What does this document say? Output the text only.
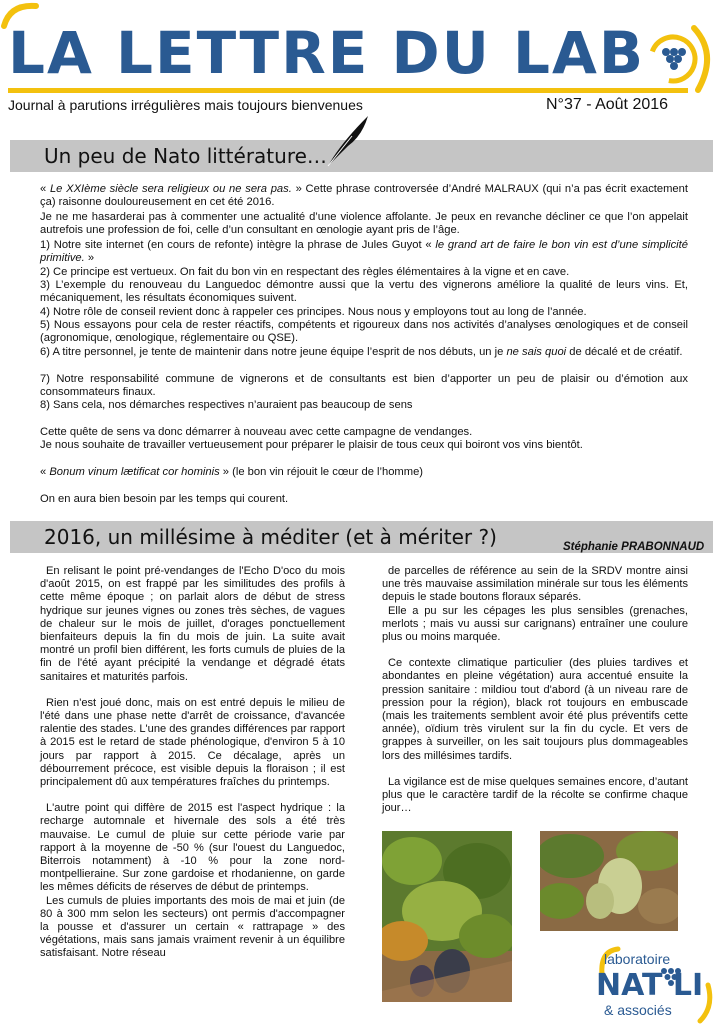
LA LETTRE DU LAB
Journal à parutions irrégulières mais toujours bienvenues	N°37 - Août 2016
Un peu de Nato littérature…

« Le XXIème siècle sera religieux ou ne sera pas. » Cette phrase controversée d’André MALRAUX (qui n’a pas écrit exactement ça) raisonne douloureusement en cet été 2016.

Je ne me hasarderai pas à commenter une actualité d’une violence affolante. Je peux en revanche décliner ce que l’on appelait autrefois une profession de foi, celle d’un consultant en œnologie ayant pris de l’âge.

1) Notre site internet (en cours de refonte) intègre la phrase de Jules Guyot « le grand art de faire le bon vin est d’une simplicité primitive. »

2) Ce principe est vertueux. On fait du bon vin en respectant des règles élémentaires à la vigne et en cave.

3) L’exemple du renouveau du Languedoc démontre aussi que la vertu des vignerons améliore la qualité de leurs vins. Et, mécaniquement, les résultats économiques suivent.

4) Notre rôle de conseil revient donc à rappeler ces principes. Nous nous y employons tout au long de l’année.

5) Nous essayons pour cela de rester réactifs, compétents et rigoureux dans nos activités d’analyses œnologiques et de conseil (agronomique, œnologique, réglementaire ou QSE).

6) A titre personnel, je tente de maintenir dans notre jeune équipe l’esprit de nos débuts, un je ne sais quoi de décalé et de créatif.

7) Notre responsabilité commune de vignerons et de consultants est bien d’apporter un peu de plaisir ou d’émotion aux consommateurs finaux.

8) Sans cela, nos démarches respectives n’auraient pas beaucoup de sens

Cette quête de sens va donc démarrer à nouveau avec cette campagne de vendanges.

Je nous souhaite de travailler vertueusement pour préparer le plaisir de tous ceux qui boiront vos vins bientôt.

« Bonum vinum lætificat cor hominis » (le bon vin réjouit le cœur de l’homme)

On en aura bien besoin par les temps qui courent.

2016, un millésime à méditer (et à mériter ?)	Stéphanie PRABONNAUD

En relisant le point pré-vendanges de l'Echo D'oco du mois d'août 2015, on est frappé par les similitudes des profils à cette même époque ; on parlait alors de début de stress hydrique sur jeunes vignes ou zones très sèches, de vagues de chaleur sur le mois de juillet, d'orages ponctuellement bienfaiteurs depuis la fin du mois de juin. La suite avait montré un profil bien différent, les forts cumuls de pluies de la fin de l'été ayant précipité la vendange et dégradé états sanitaires et maturités parfois.

Rien n'est joué donc, mais on est entré depuis le milieu de l'été dans une phase nette d'arrêt de croissance, d'avancée ralentie des stades. L'une des grandes différences par rapport à 2015 est le retard de stade phénologique, d'environ 5 à 10 jours par rapport à 2015. Ce décalage, après un débourrement précoce, est visible depuis la floraison ; il est principalement dû aux températures fraîches du printemps.

L'autre point qui diffère de 2015 est l'aspect hydrique : la recharge automnale et hivernale des sols a été très mauvaise. Le cumul de pluie sur cette période varie par rapport à la moyenne de -50 % (sur l'ouest du Languedoc, Biterrois notamment) à -10 % pour la zone nord-montpellieraine. Sur zone gardoise et rhodanienne, on garde les mêmes déficits de réserves de début de printemps.

Les cumuls de pluies importants des mois de mai et juin (de 80 à 300 mm selon les secteurs) ont permis d'accompagner la pousse et d'assurer un certain « rattrapage » des végétations, mais sans jamais vraiment revenir à un équilibre satisfaisant. Notre réseau

de parcelles de référence au sein de la SRDV montre ainsi une très mauvaise assimilation minérale sur tous les éléments depuis le stade boutons floraux séparés.

Elle a pu sur les cépages les plus sensibles (grenaches, merlots ; mais vu aussi sur carignans) entraîner une coulure plus ou moins marquée.

Ce contexte climatique particulier (des pluies tardives et abondantes en pleine végétation) aura accentué ensuite la pression sanitaire : mildiou tout d'abord (à un niveau rare de pression pour la région), black rot toujours en embuscade (mais les traitements semblent avoir été plus préventifs cette année), oïdium très virulent sur la fin du cycle. Et vers de grappes à surveiller, on les sait toujours plus dommageables lors des millésimes tardifs.

La vigilance est de mise quelques semaines encore, d’autant plus que le caractère tardif de la récolte se confirme chaque jour…

laboratoire
NAT LI
& associés
